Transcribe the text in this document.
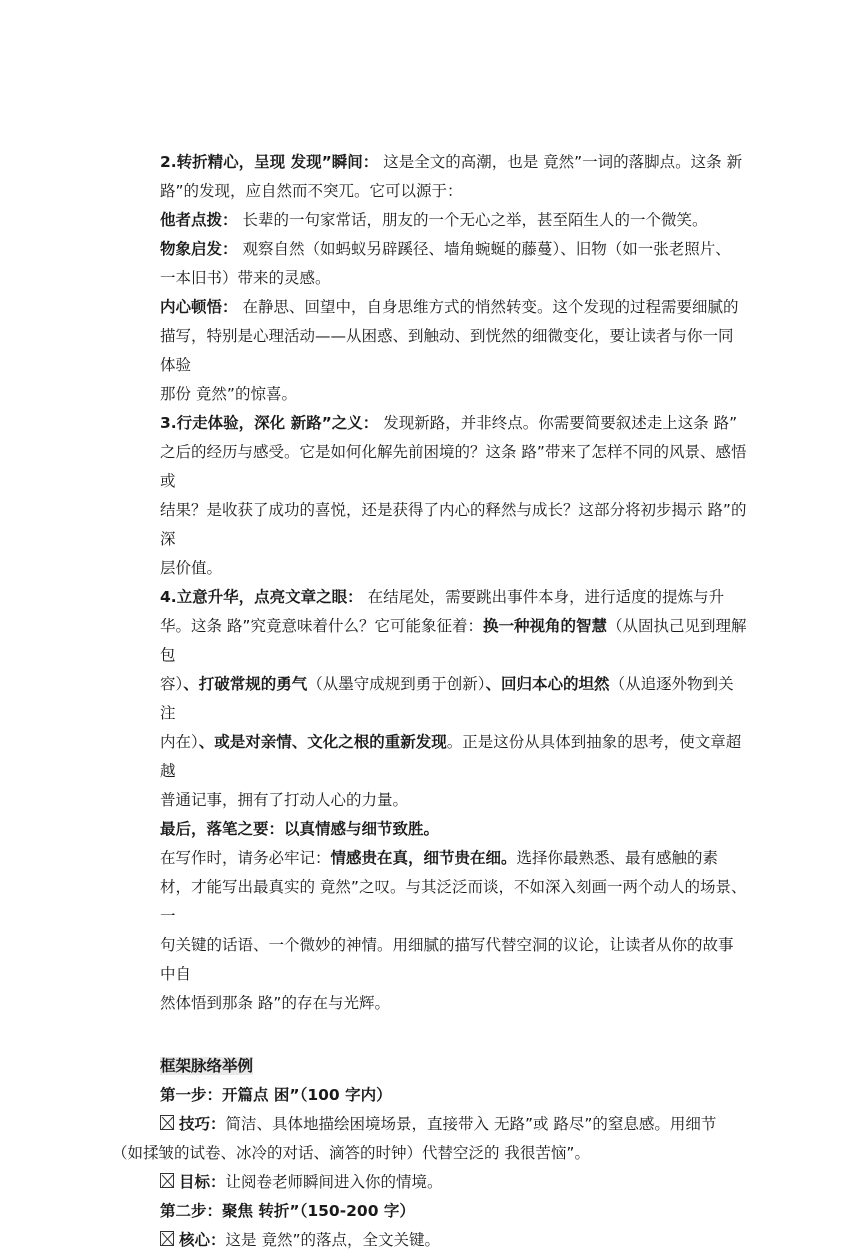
2.转折精心，呈现 发现”瞬间： 这是全文的高潮，也是 竟然”一词的落脚点。这条 新

路”的发现，应自然而不突兀。它可以源于：

他者点拨： 长辈的一句家常话，朋友的一个无心之举，甚至陌生人的一个微笑。

物象启发： 观察自然（如蚂蚁另辟蹊径、墙角蜿蜒的藤蔓）、旧物（如一张老照片、

一本旧书）带来的灵感。

内心顿悟： 在静思、回望中，自身思维方式的悄然转变。这个发现的过程需要细腻的

描写，特别是心理活动——从困惑、到触动、到恍然的细微变化，要让读者与你一同体验

那份 竟然”的惊喜。

3.行走体验，深化 新路”之义： 发现新路，并非终点。你需要简要叙述走上这条 路”

之后的经历与感受。它是如何化解先前困境的？这条 路”带来了怎样不同的风景、感悟或

结果？是收获了成功的喜悦，还是获得了内心的释然与成长？这部分将初步揭示 路”的深

层价值。

4.立意升华，点亮文章之眼： 在结尾处，需要跳出事件本身，进行适度的提炼与升

华。这条 路”究竟意味着什么？它可能象征着：换一种视角的智慧（从固执己见到理解包

容）、打破常规的勇气（从墨守成规到勇于创新）、回归本心的坦然（从追逐外物到关注

内在）、或是对亲情、文化之根的重新发现。正是这份从具体到抽象的思考，使文章超越

普通记事，拥有了打动人心的力量。

最后，落笔之要：以真情感与细节致胜。

在写作时，请务必牢记：情感贵在真，细节贵在细。选择你最熟悉、最有感触的素

材，才能写出最真实的 竟然”之叹。与其泛泛而谈，不如深入刻画一两个动人的场景、一

句关键的话语、一个微妙的神情。用细腻的描写代替空洞的议论，让读者从你的故事中自

然体悟到那条 路”的存在与光辉。

框架脉络举例

第一步：开篇点 困”（100 字内）

技巧：简洁、具体地描绘困境场景，直接带入 无路”或 路尽”的窒息感。用细节

（如揉皱的试卷、冰冷的对话、滴答的时钟）代替空泛的 我很苦恼”。

目标：让阅卷老师瞬间进入你的情境。

第二步：聚焦 转折”（150-200 字）

核心：这是 竟然”的落点，全文关键。
